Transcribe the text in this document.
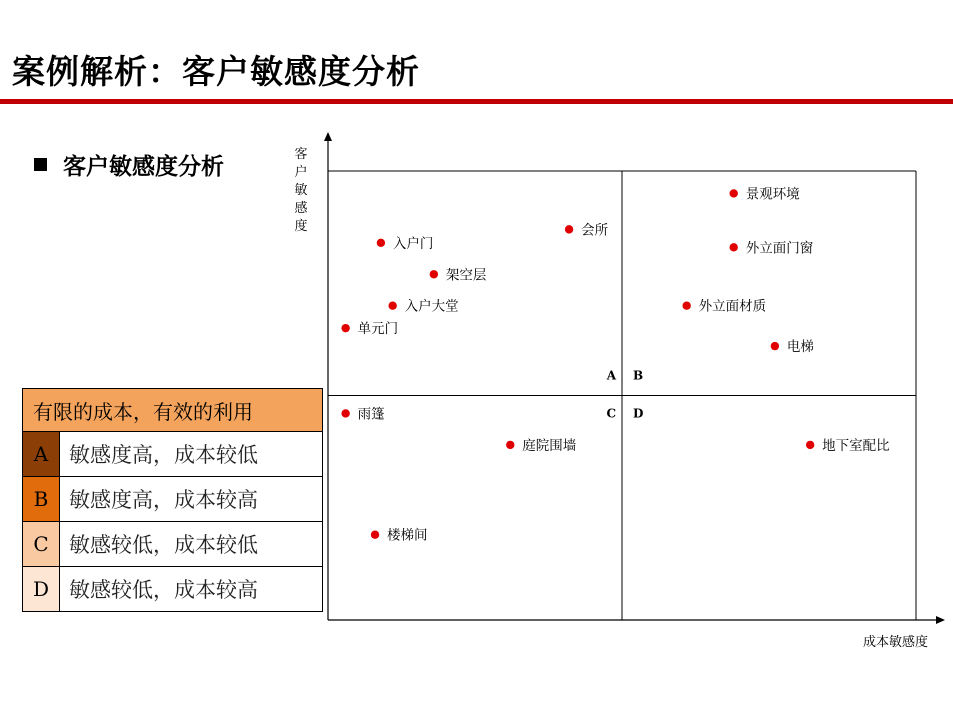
案例解析：客户敏感度分析
客户敏感度分析
A B
C D
客户敏感度
成本敏感度
景观环境
外立面门窗
外立面材质
电梯
会所
入户门
架空层
入户大堂
单元门
雨篷
庭院围墙	地下室配比
楼梯间
有限的成本，有效的利用	
A	敏感度高，成本较低
B	敏感度高，成本较高
C	敏感较低，成本较低
D	敏感较低，成本较高
